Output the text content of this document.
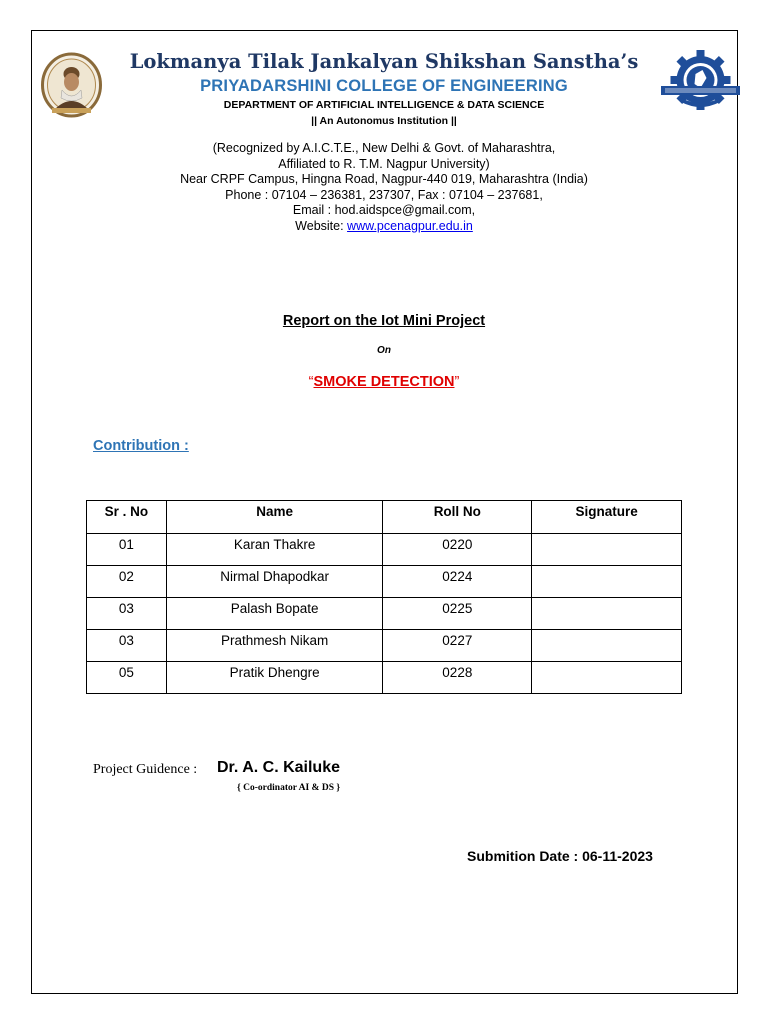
Lokmanya Tilak Jankalyan Shikshan Sanstha’s
PRIYADARSHINI COLLEGE OF ENGINEERING
DEPARTMENT OF ARTIFICIAL INTELLIGENCE & DATA SCIENCE
|| An Autonomus Institution ||
(Recognized by A.I.C.T.E., New Delhi & Govt. of Maharashtra,
Affiliated to R. T.M. Nagpur University)
Near CRPF Campus, Hingna Road, Nagpur-440 019, Maharashtra (India)
Phone : 07104 – 236381, 237307, Fax : 07104 – 237681,
Email : hod.aidspce@gmail.com,
Website: www.pcenagpur.edu.in
Report on the Iot Mini Project
On
“SMOKE DETECTION”
Contribution :
Sr . No	Name	Roll No	Signature
01	Karan Thakre	0220	
02	Nirmal Dhapodkar	0224	
03	Palash Bopate	0225	
03	Prathmesh Nikam	0227	
05	Pratik Dhengre	0228	
Project Guidence : Dr. A. C. Kailuke
{ Co-ordinator AI & DS }
Submition Date : 06-11-2023
